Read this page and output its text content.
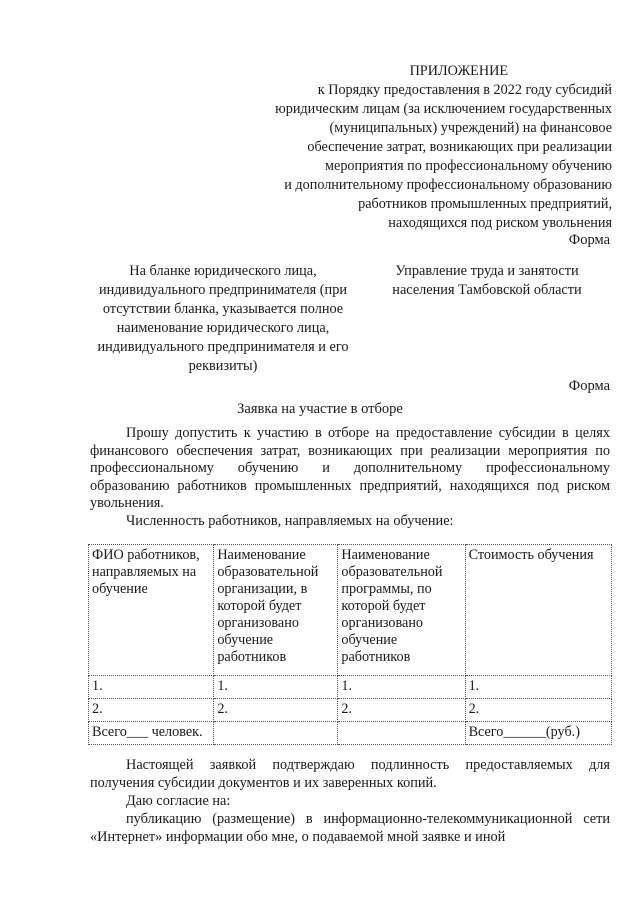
ПРИЛОЖЕНИЕ
к Порядку предоставления в 2022 году субсидий
юридическим лицам (за исключением государственных
(муниципальных) учреждений) на финансовое
обеспечение затрат, возникающих при реализации
мероприятия по профессиональному обучению
и дополнительному профессиональному образованию
работников промышленных предприятий,
находящихся под риском увольнения
Форма
На бланке юридического лица,
индивидуального предпринимателя (при
отсутствии бланка, указывается полное
наименование юридического лица,
индивидуального предпринимателя и его
реквизиты)
Управление труда и занятости
населения Тамбовской области
Форма
Заявка на участие в отборе
Прошу допустить к участию в отборе на предоставление субсидии в целях финансового обеспечения затрат, возникающих при реализации мероприятия по профессиональному обучению и дополнительному профессиональному образованию работников промышленных предприятий, находящихся под риском увольнения.
Численность работников, направляемых на обучение:
ФИО работников, направляемых на обучение	Наименование образовательной организации, в которой будет организовано обучение работников	Наименование образовательной программы, по которой будет организовано обучение работников	Стоимость обучения
1.	1.	1.	1.
2.	2.	2.	2.
Всего___ человек.			Всего______(руб.)
Настоящей заявкой подтверждаю подлинность предоставляемых для получения субсидии документов и их заверенных копий.
Даю согласие на:
публикацию (размещение) в информационно-телекоммуникационной сети «Интернет» информации обо мне, о подаваемой мной заявке и иной
